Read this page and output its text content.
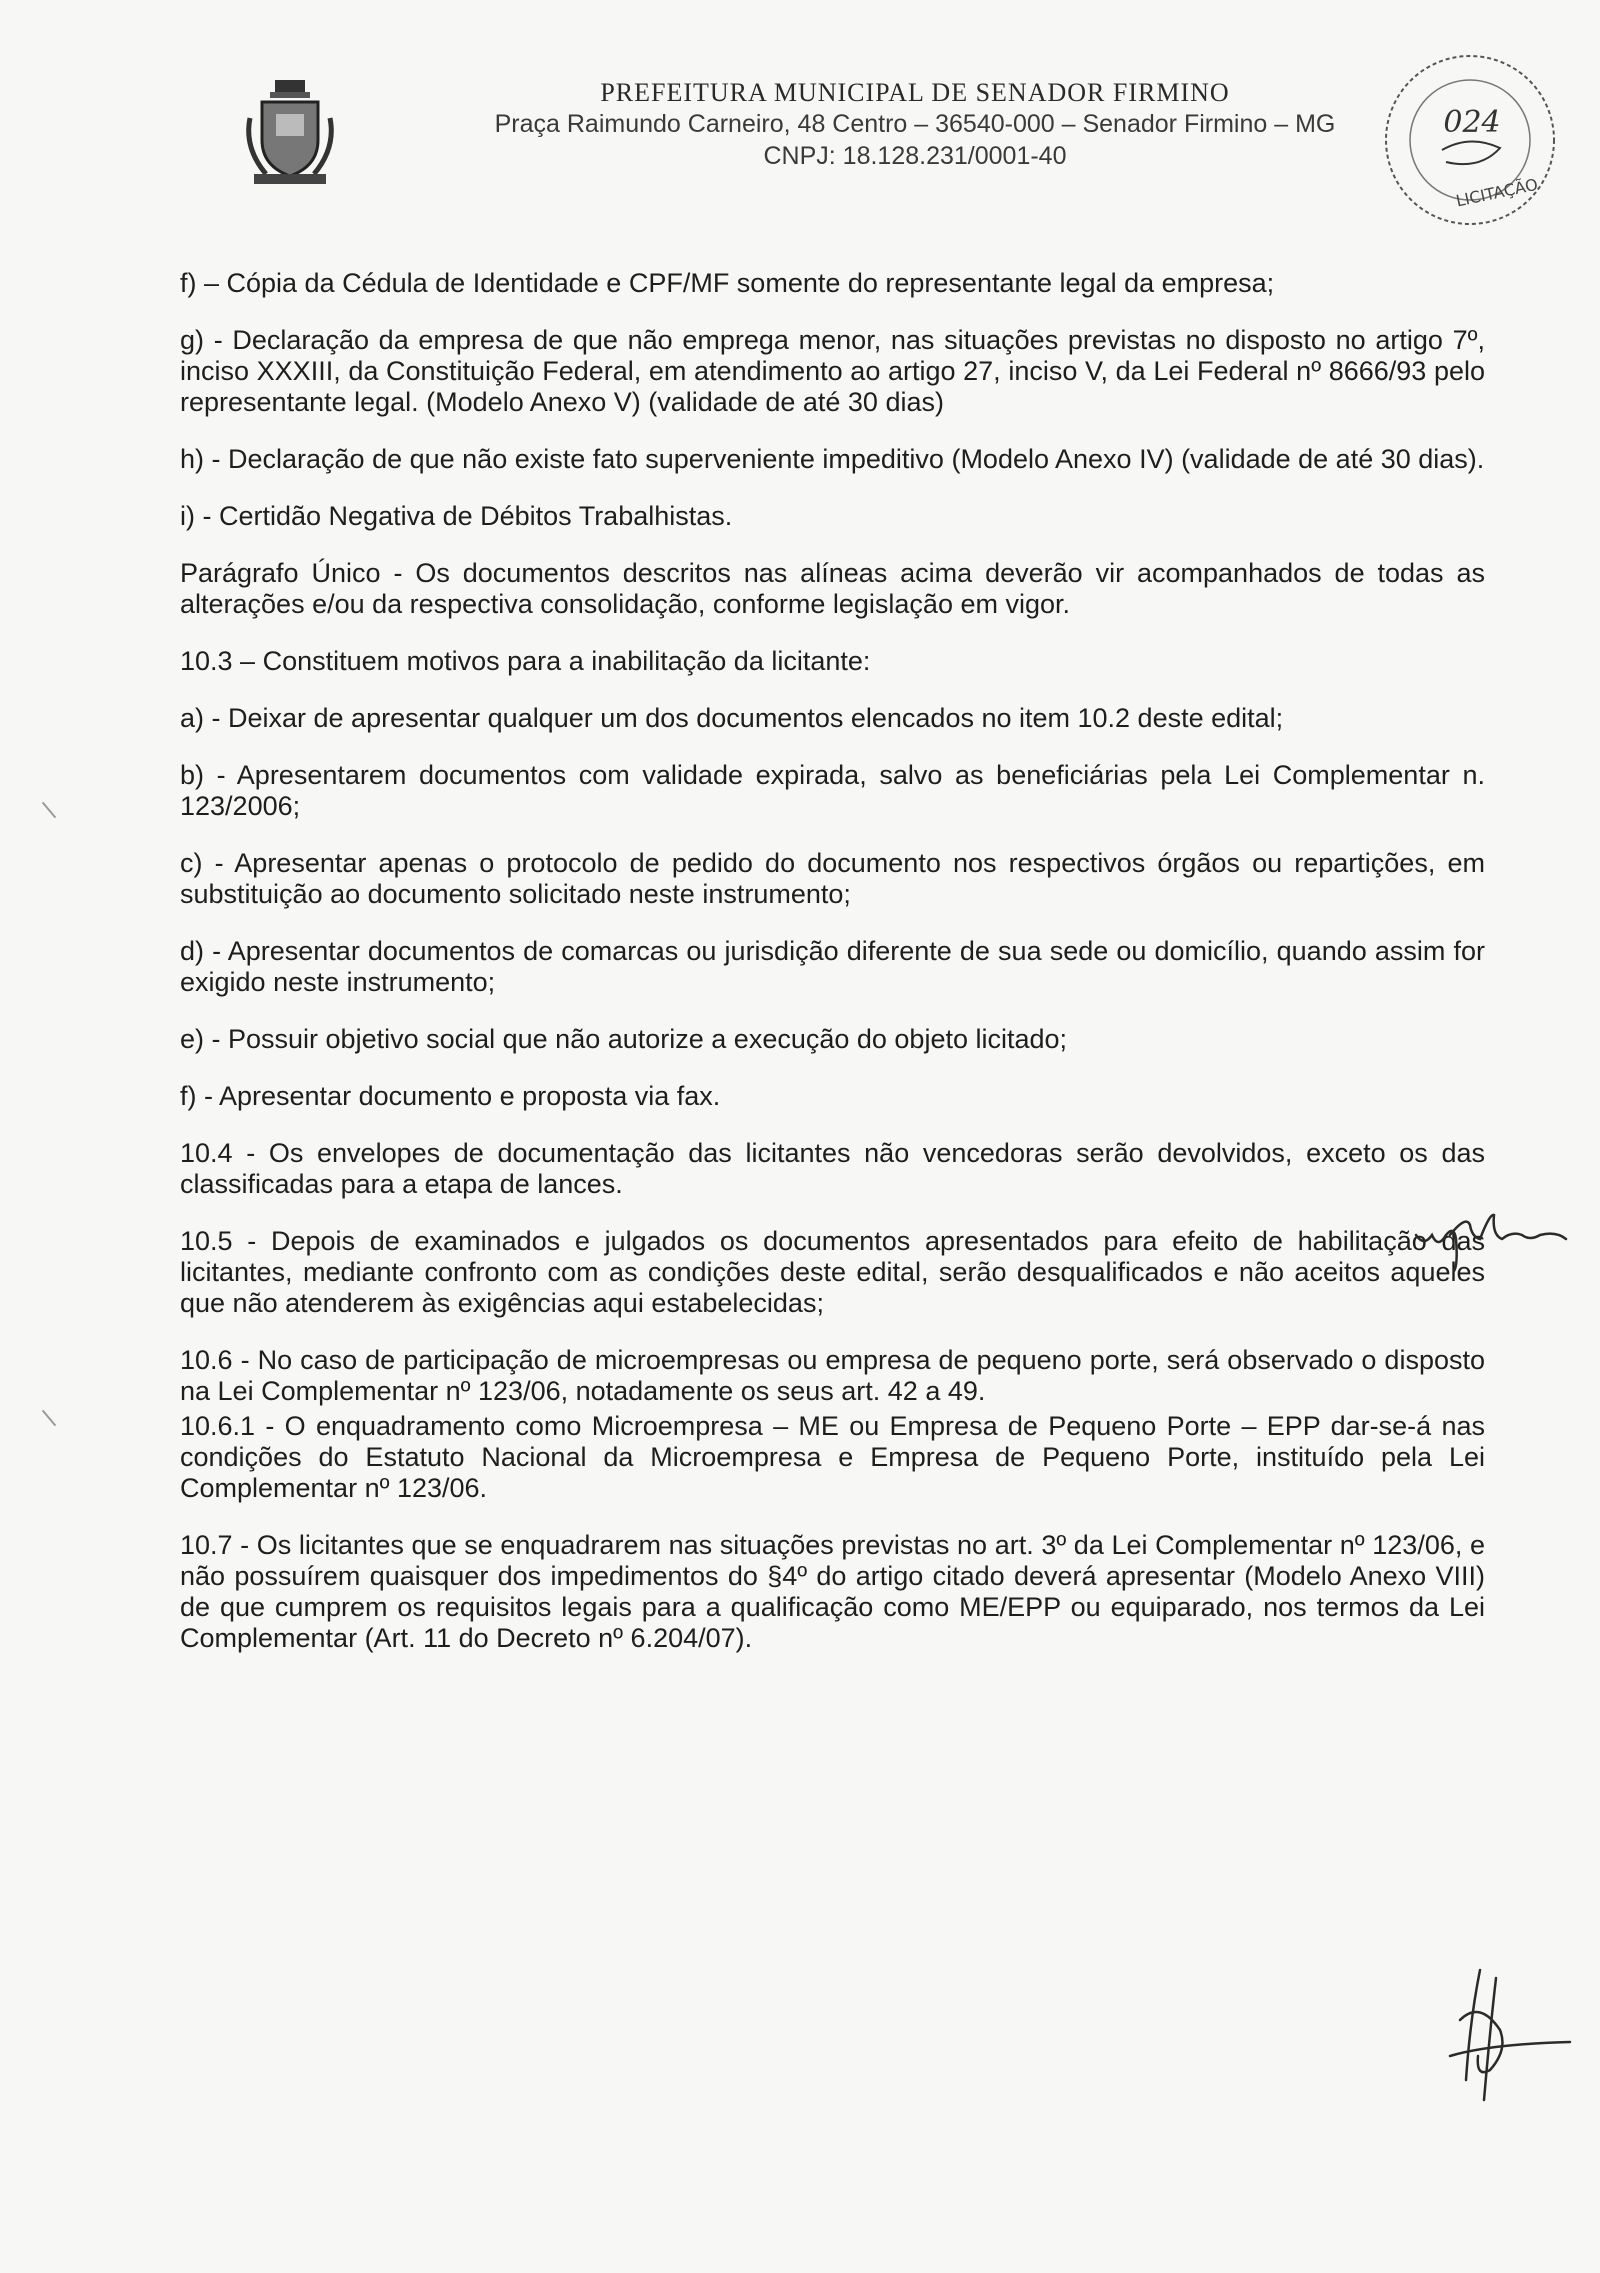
PREFEITURA MUNICIPAL DE SENADOR FIRMINO
Praça Raimundo Carneiro, 48 Centro – 36540-000 – Senador Firmino – MG
CNPJ: 18.128.231/0001-40
024
LICITAÇÃO

f) – Cópia da Cédula de Identidade e CPF/MF somente do representante legal da empresa;

g) - Declaração da empresa de que não emprega menor, nas situações previstas no disposto no artigo 7º, inciso XXXIII, da Constituição Federal, em atendimento ao artigo 27, inciso V, da Lei Federal nº 8666/93 pelo representante legal. (Modelo Anexo V) (validade de até 30 dias)

h) - Declaração de que não existe fato superveniente impeditivo (Modelo Anexo IV) (validade de até 30 dias).

i) - Certidão Negativa de Débitos Trabalhistas.

Parágrafo Único - Os documentos descritos nas alíneas acima deverão vir acompanhados de todas as alterações e/ou da respectiva consolidação, conforme legislação em vigor.

10.3 – Constituem motivos para a inabilitação da licitante:

a) - Deixar de apresentar qualquer um dos documentos elencados no item 10.2 deste edital;

b) - Apresentarem documentos com validade expirada, salvo as beneficiárias pela Lei Complementar n. 123/2006;

c) - Apresentar apenas o protocolo de pedido do documento nos respectivos órgãos ou repartições, em substituição ao documento solicitado neste instrumento;

d) - Apresentar documentos de comarcas ou jurisdição diferente de sua sede ou domicílio, quando assim for exigido neste instrumento;

e) - Possuir objetivo social que não autorize a execução do objeto licitado;

f) - Apresentar documento e proposta via fax.

10.4 - Os envelopes de documentação das licitantes não vencedoras serão devolvidos, exceto os das classificadas para a etapa de lances.

10.5 - Depois de examinados e julgados os documentos apresentados para efeito de habilitação das licitantes, mediante confronto com as condições deste edital, serão desqualificados e não aceitos aqueles que não atenderem às exigências aqui estabelecidas;

10.6 - No caso de participação de microempresas ou empresa de pequeno porte, será observado o disposto na Lei Complementar nº 123/06, notadamente os seus art. 42 a 49.

10.6.1 - O enquadramento como Microempresa – ME ou Empresa de Pequeno Porte – EPP dar-se-á nas condições do Estatuto Nacional da Microempresa e Empresa de Pequeno Porte, instituído pela Lei Complementar nº 123/06.

10.7 - Os licitantes que se enquadrarem nas situações previstas no art. 3º da Lei Complementar nº 123/06, e não possuírem quaisquer dos impedimentos do §4º do artigo citado deverá apresentar (Modelo Anexo VIII) de que cumprem os requisitos legais para a qualificação como ME/EPP ou equiparado, nos termos da Lei Complementar (Art. 11 do Decreto nº 6.204/07).
